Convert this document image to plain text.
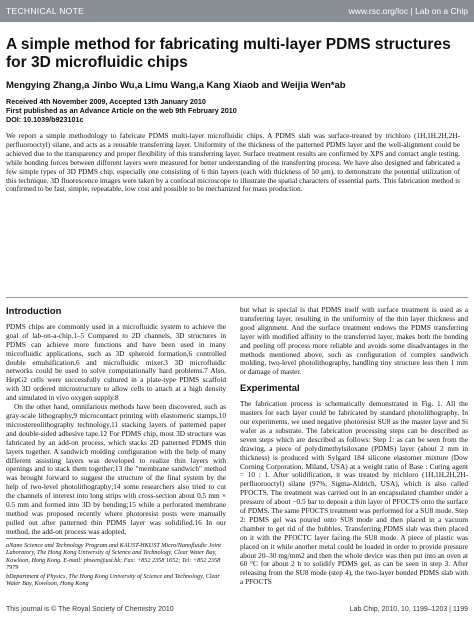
TECHNICAL NOTE	www.rsc.org/loc | Lab on a Chip
A simple method for fabricating multi-layer PDMS structures for 3D microfluidic chips
Mengying Zhang,a Jinbo Wu,a Limu Wang,a Kang Xiaob and Weijia Wen*ab
Received 4th November 2009, Accepted 13th January 2010
First published as an Advance Article on the web 9th February 2010
DOI: 10.1039/b923101c
We report a simple methodology to fabricate PDMS multi-layer microfluidic chips. A PDMS slab was surface-treated by trichloro (1H,1H,2H,2H-perfluorooctyl) silane, and acts as a reusable transferring layer. Uniformity of the thickness of the patterned PDMS layer and the well-alignment could be achieved due to the transparency and proper flexibility of this transferring layer. Surface treatment results are confirmed by XPS and contact angle testing, while bonding forces between different layers were measured for better understanding of the transferring process. We have also designed and fabricated a few simple types of 3D PDMS chip, especially one consisting of 6 thin layers (each with thickness of 50 μm), to demonstrate the potential utilization of this technique. 3D fluorescence images were taken by a confocal microscope to illustrate the spatial characters of essential parts. This fabrication method is confirmed to be fast, simple, repeatable, low cost and possible to be mechanized for mass production.
Introduction

PDMS chips are commonly used in a microfluidic system to achieve the goal of lab-on-a-chip.1–5 Compared to 2D channels, 3D structures in PDMS can achieve more functions and have been used in many microfluidic applications, such as 3D spheroid formation,6 controlled double emulsification,6 and microfluidic mixer.3 3D microfluidic networks could be used to solve computationally hard problems.7 Also, HepG2 cells were successfully cultured in a plate-type PDMS scaffold with 3D ordered microstructure to allow cells to attach at a high density and simulated in vivo oxygen supply.8

On the other hand, omnifarious methods have been discovered, such as gray-scale lithography,9 microcontact printing with elastomeric stamps,10 microstereolithography technology,11 stacking layers of patterned paper and double-sided adhesive tape.12 For PDMS chip, most 3D structure was fabricated by an add-on process, which stacks 2D patterned PDMS thin layers together. A sandwich molding configuration with the help of many different assisting layers was developed to realize thin layers with openings and to stack them together;13 the "membrane sandwich" method was brought forward to suggest the structure of the final system by the help of two-level photolithography;14 some researchers also tried to cut the channels of interest into long strips with cross-section about 0.5 mm × 0.5 mm and formed into 3D by bending;15 while a perforated membrane method was proposed recently where photoresist posts were manually pulled out after patterned thin PDMS layer was solidified.16 In our method, the add-on process was adopted,

aNano Science and Technology Program and KAUST-HKUST Micro/Nanofluidic Joint Laboratory, The Hong Kong University of Science and Technology, Clear Water Bay, Kowloon, Hong Kong. E-mail: phwen@ust.hk; Fax: +852 2358 1652; Tel: +852 2358 7979

bDepartment of Physics, The Hong Kong University of Science and Technology, Clear Water Bay, Kowloon, Hong Kong

but what is special is that PDMS itself with surface treatment is used as a transferring layer, resulting in the uniformity of the thin layer thickness and good alignment. And the surface treatment endows the PDMS transferring layer with modified affinity to the transferred layer, makes both the bonding and peeling off process more reliable and avoids some disadvantages in the methods mentioned above, such as configuration of complex sandwich molding, two-level photolithography, handling tiny structure less then 1 mm or damage of master.

Experimental

The fabrication process is schematically demonstrated in Fig. 1. All the masters for each layer could be fabricated by standard photolithography. In our experiments, we used negative photoresist SU8 as the master layer and Si wafer as a substrate. The fabrication processing steps can be described as seven steps which are described as follows: Step 1: as can be seen from the drawing, a piece of polydimethylsiloxane (PDMS) layer (about 2 mm in thickness) is produced with Sylgard 184 silicone elastomer mixture (Dow Corning Corporation, Miland, USA) at a weight ratio of Base : Curing agent = 10 : 1. After solidification, it was treated by trichloro (1H,1H,2H,2H-perfluorooctyl) silane (97%, Sigma-Aldrich, USA), which is also called PFOCTS. The treatment was carried out in an encapsulated chamber under a pressure of about −0.5 bar to deposit a thin layer of PFOCTS onto the surface of PDMS. The same PFOCTS treatment was performed for a SU8 mode. Step 2: PDMS gel was poured onto SU8 mode and then placed in a vacuum chamber to get rid of the bubbles. Transferring PDMS slab was then placed on it with the PFOCTC layer facing the SU8 mode. A piece of plastic was placed on it while another metal could be loaded in order to provide pressure about 20–30 mg/mm2 and then the whole device was then put into an oven at 60 °C for about 2 h to solidify PDMS gel, as can be seen in step 3. After releasing from the SU8 mode (step 4), the two-layer bonded PDMS slab with a PFOCTS

This journal is © The Royal Society of Chemistry 2010	Lab Chip, 2010, 10, 1199–1203 | 1199
